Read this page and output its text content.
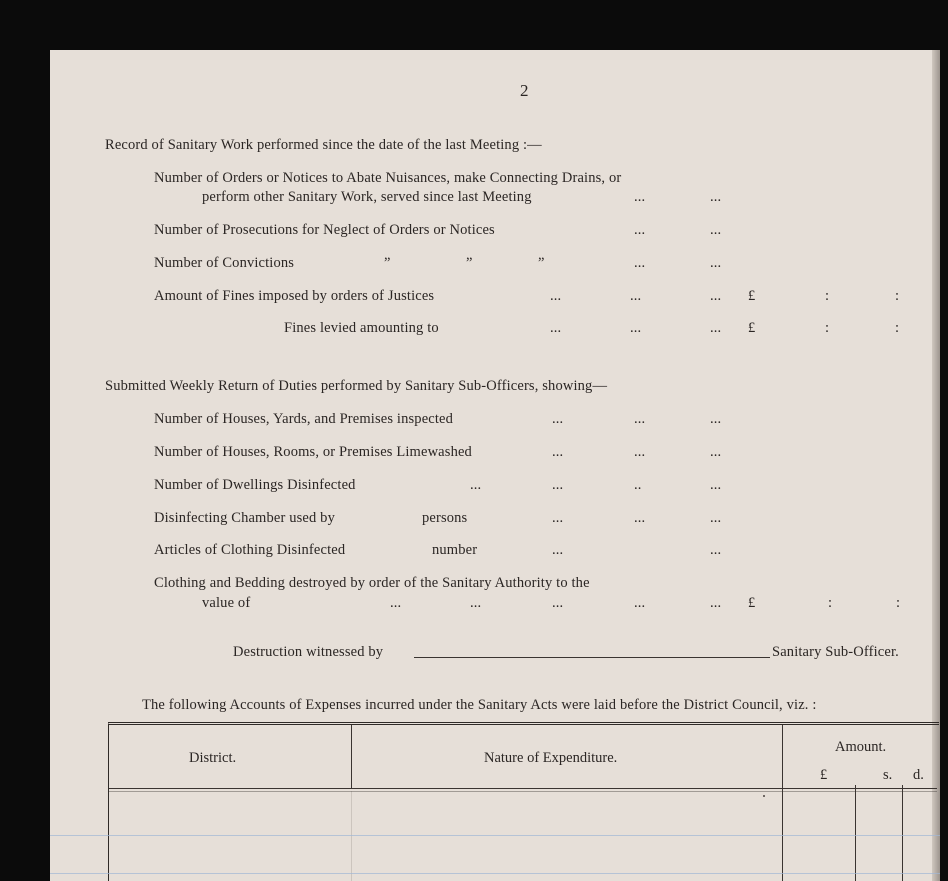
2
Record of Sanitary Work performed since the date of the last Meeting :—
Number of Orders or Notices to Abate Nuisances, make Connecting Drains, or
perform other Sanitary Work, served since last Meeting	...	...
Number of Prosecutions for Neglect of Orders or Notices	...	...
Number of Convictions	”	”	”	...	...
Amount of Fines imposed by orders of Justices	...	...	... £	:	:
Fines levied amounting to	...	...	... £	:	:
Submitted Weekly Return of Duties performed by Sanitary Sub-Officers, showing—
Number of Houses, Yards, and Premises inspected	...	...	...
Number of Houses, Rooms, or Premises Limewashed	...	...	...
Number of Dwellings Disinfected	...	...	..	...
Disinfecting Chamber used by	persons	...	...	...
Articles of Clothing Disinfected	number	...	...
Clothing and Bedding destroyed by order of the Sanitary Authority to the
value of	...	...	...	...	... £	:	:
Destruction witnessed by	Sanitary Sub-Officer.
The following Accounts of Expenses incurred under the Sanitary Acts were laid before the District Council, viz. :
District.	Nature of Expenditure.
Amount.
£	s. d.
